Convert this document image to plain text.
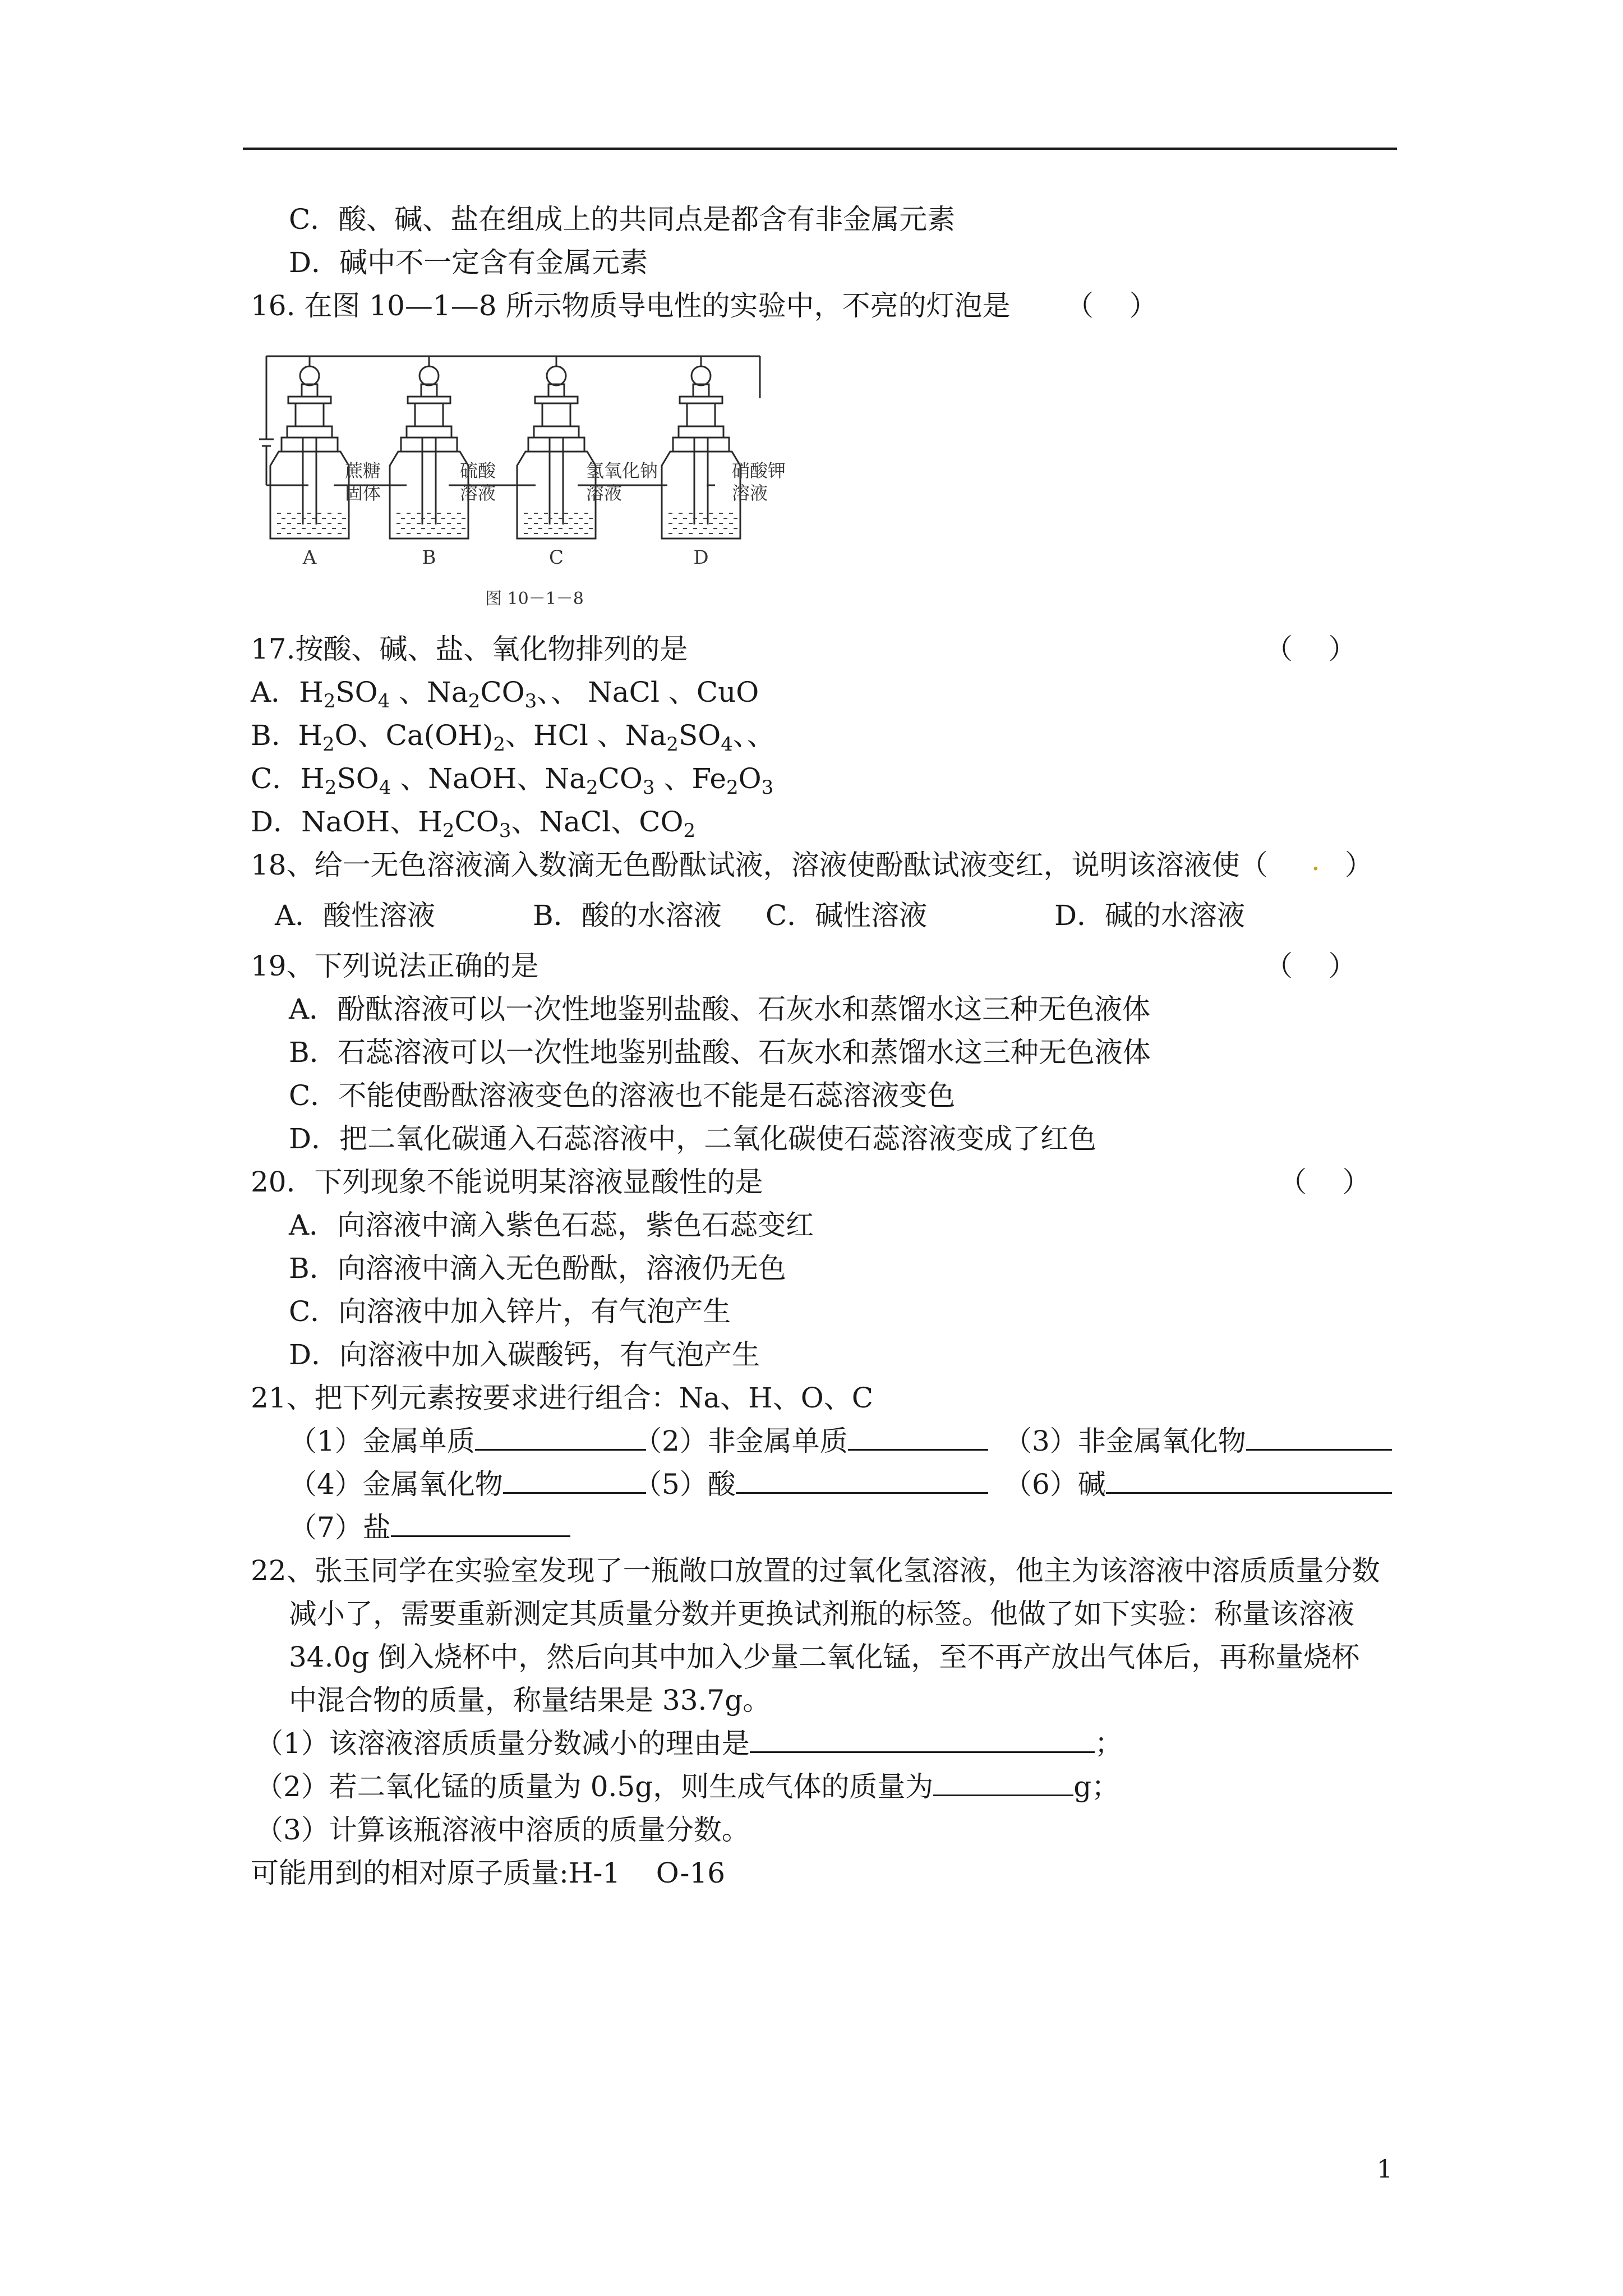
C．酸、碱、盐在组成上的共同点是都含有非金属元素
D．碱中不一定含有金属元素
16. 在图 10—1—8 所示物质导电性的实验中，不亮的灯泡是 （    ）
A	B	C	D
蔗糖
固体
硫酸
溶液
氢氧化钠
溶液
硝酸钾
溶液
图 10－1－8
17.按酸、碱、盐、氧化物排列的是	（    ）
A．$H_2SO_4$ 、$Na_2CO_3$、、 NaCl 、CuO
B.  $H_2O$、$Ca(OH)_2$、HCl 、$Na_2SO_4$、、
C．$H_2SO_4$ 、NaOH、$Na_2CO_3$ 、$Fe_2O_3$
D．NaOH、$H_2CO_3$、NaCl、$CO_2$
18、给一无色溶液滴入数滴无色酚酞试液，溶液使酚酞试液变红，说明该溶液使（ . ）
A．酸性溶液	B．酸的水溶液 C．碱性溶液	D．碱的水溶液
19、下列说法正确的是	（    ）
A．酚酞溶液可以一次性地鉴别盐酸、石灰水和蒸馏水这三种无色液体
B．石蕊溶液可以一次性地鉴别盐酸、石灰水和蒸馏水这三种无色液体
C．不能使酚酞溶液变色的溶液也不能是石蕊溶液变色
D．把二氧化碳通入石蕊溶液中，二氧化碳使石蕊溶液变成了红色
20．下列现象不能说明某溶液显酸性的是	（    ）
A．向溶液中滴入紫色石蕊，紫色石蕊变红
B．向溶液中滴入无色酚酞，溶液仍无色
C．向溶液中加入锌片，有气泡产生
D．向溶液中加入碳酸钙，有气泡产生
21、把下列元素按要求进行组合：Na、H、O、C
（1）金属单质	（2）非金属单质	（3）非金属氧化物
（4）金属氧化物	（5）酸	（6）碱
（7）盐
22、张玉同学在实验室发现了一瓶敞口放置的过氧化氢溶液，他主为该溶液中溶质质量分数
减小了，需要重新测定其质量分数并更换试剂瓶的标签。他做了如下实验：称量该溶液
34.0g 倒入烧杯中，然后向其中加入少量二氧化锰，至不再产放出气体后，再称量烧杯
中混合物的质量，称量结果是 33.7g。
（1）该溶液溶质质量分数减小的理由是	；
（2）若二氧化锰的质量为 0.5g，则生成气体的质量为	g；
（3）计算该瓶溶液中溶质的质量分数。
可能用到的相对原子质量:H-1    O-16
1
